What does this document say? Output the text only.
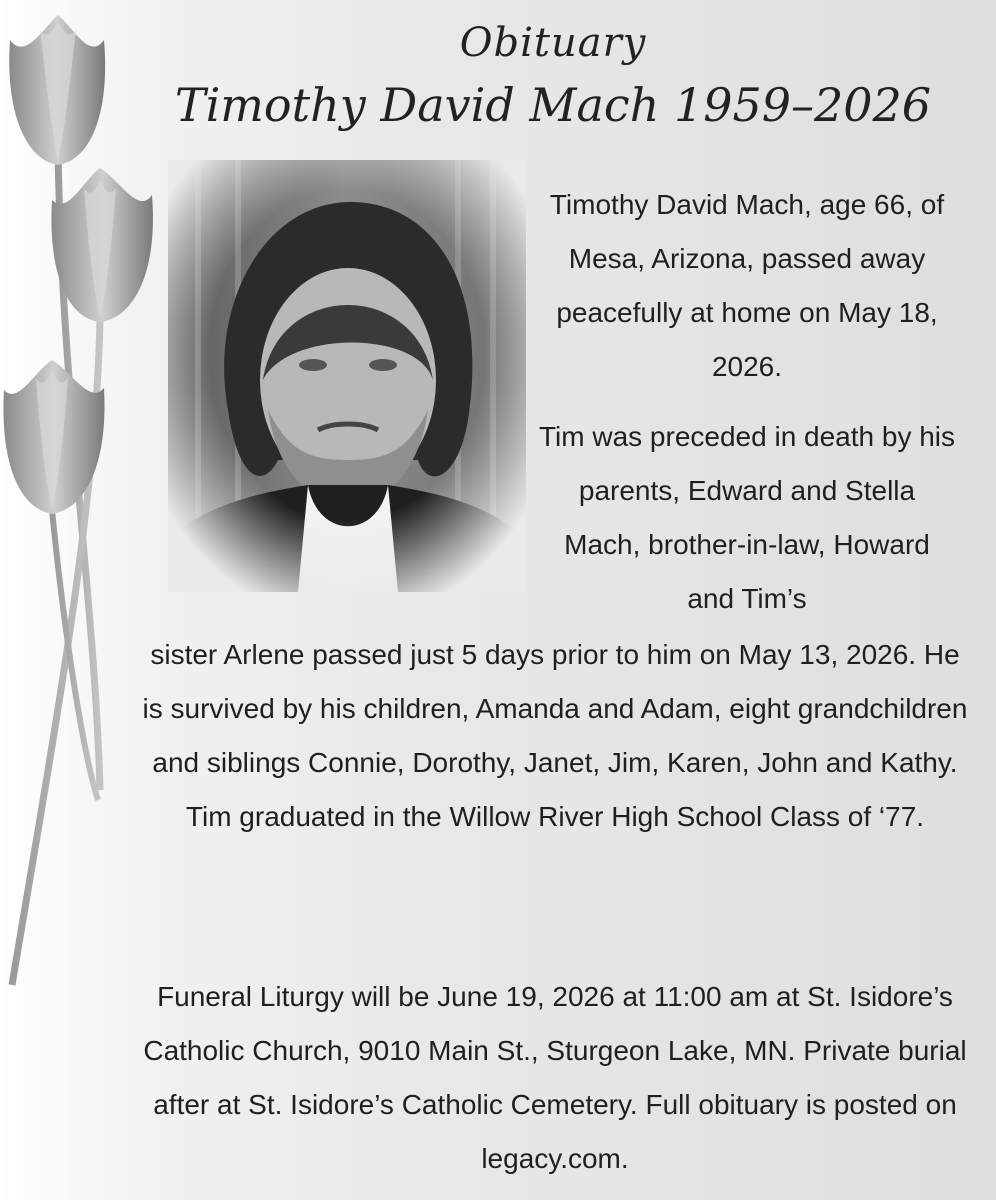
Obituary
Timothy David Mach 1959–2026

Timothy David Mach, age 66, of Mesa, Arizona, passed away peacefully at home on May 18, 2026.

Tim was preceded in death by his parents, Edward and Stella Mach, brother-in-law, Howard and Tim’s

sister Arlene passed just 5 days prior to him on May 13, 2026. He is survived by his children, Amanda and Adam, eight grandchildren and siblings Connie, Dorothy, Janet, Jim, Karen, John and Kathy. Tim graduated in the Willow River High School Class of ‘77.

Funeral Liturgy will be June 19, 2026 at 11:00 am at St. Isidore’s Catholic Church, 9010 Main St., Sturgeon Lake, MN. Private burial after at St. Isidore’s Catholic Cemetery. Full obituary is posted on legacy.com.
